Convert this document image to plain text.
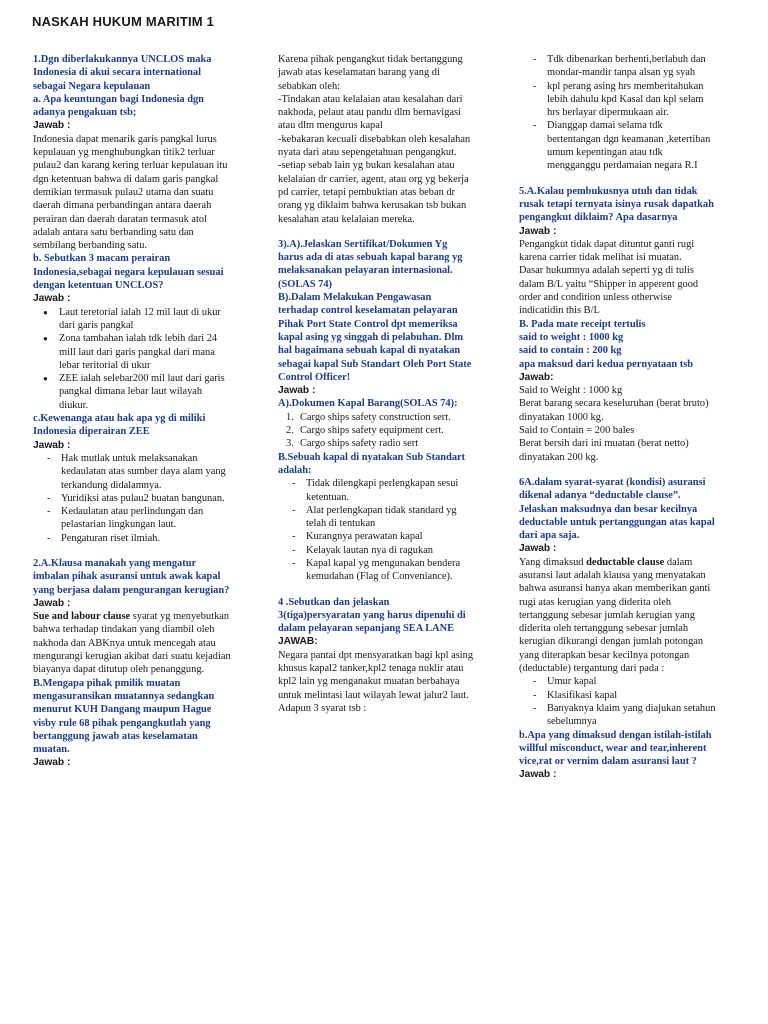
NASKAH HUKUM MARITIM 1
1.Dgn diberlakukannya UNCLOS maka Indonesia di akui secara international sebagai Negara kepulauan
a. Apa keuntungan bagi Indonesia dgn adanya pengakuan tsb;
Jawab :
Indonesia dapat menarik garis pangkal lurus kepulauan yg menghubungkan titik2 terluar pulau2 dan karang kering terluar kepulauan itu dgn ketentuan bahwa di dalam garis pangkal demikian termasuk pulau2 utama dan suatu daerah dimana perbandingan antara daerah perairan dan daerah daratan termasuk atol adalah antara satu berbanding satu dan sembilang berbanding satu.
b. Sebutkan 3 macam perairan Indonesia,sebagai negara kepulauan sesuai dengan ketentuan UNCLOS?
Jawab :
● Laut teretorial ialah 12 mil laut di ukur dari garis pangkal
● Zona tambahan ialah tdk lebih dari 24 mill laut dari garis pangkal dari mana lebar teritorial di ukur
● ZEE ialah selebar200 mil laut dari garis pangkal dimana lebar laut wilayah diukur.
c.Kewenanga atau hak apa yg di miliki Indonesia diperairan ZEE
Jawab :
- Hak mutlak untuk melaksanakan kedaulatan atas sumber daya alam yang terkandung didalamnya.
- Yuridiksi atas pulau2 buatan bangunan.
- Kedaulatan atau perlindungan dan pelastarian lingkungan laut.
- Pengaturan riset ilmiah.
2.A.Klausa manakah yang mengatur imbalan pihak asuransi untuk awak kapal yang berjasa dalam pengurangan kerugian?
Jawab :
Sue and labour clause syarat yg menyebutkan bahwa terhadap tindakan yang diambil oleh nakhoda dan ABKnya untuk mencegah atau mengurangi kerugian akibat dari suatu kejadian biayanya dapat ditutup oleh penanggung.
B.Mengapa pihak pmilik muatan mengasuransikan muatannya sedangkan menurut KUH Dangang maupun Hague visby rule 68 pihak pengangkutlah yang bertanggung jawab atas keselamatan muatan.
Jawab :
Karena pihak pengangkut tidak bertanggung jawab atas keselamatan barang yang di sebabkan oleh:
-Tindakan atau kelalaian atau kesalahan dari nakhoda, pelaut atau pandu dlm bernavigasi atau dlm mengurus kapal
-kebakaran kecuali disebabkan oleh kesalahan nyata dari atau sepengetahuan pengangkut.
-setiap sebab lain yg bukan kesalahan atau kelalaian dr carrier, agent, atau org yg bekerja pd carrier, tetapi pembuktian atas beban dr orang yg diklaim bahwa kerusakan tsb bukan kesalahan atau kelalaian mereka.
3).A).Jelaskan Sertifikat/Dokumen Yg harus ada di atas sebuah kapal barang yg melaksanakan pelayaran internasional.(SOLAS 74)
B).Dalam Melakukan Pengawasan terhadap control keselamatan pelayaran Pihak Port State Control dpt memeriksa kapal asing yg singgah di pelabuhan. Dlm hal bagaimana sebuah kapal di nyatakan sebagai kapal Sub Standart Oleh Port State Control Officer!
Jawab :
A).Dokumen Kapal Barang(SOLAS 74):
1. Cargo ships safety construction sert.
2. Cargo ships safety equipment cert.
3. Cargo ships safety radio sert
B.Sebuah kapal di nyatakan Sub Standart adalah:
- Tidak dilengkapi perlengkapan sesui ketentuan.
- Alat perlengkapan tidak standard yg telah di tentukan
- Kurangnya perawatan kapal
- Kelayak lautan nya di ragukan
- Kapal kapal yg mengunakan bendera kemudahan (Flag of Conveniance).
4 .Sebutkan dan jelaskan 3(tiga)persyaratan yang harus dipenuhi di dalam pelayaran sepanjang SEA LANE
JAWAB:
Negara pantai dpt mensyaratkan bagi kpl asing khusus kapal2 tanker,kpl2 tenaga nuklir atau kpl2 lain yg menganakut muatan berbahaya untuk melintasi laut wilayah lewat jalur2 laut.
Adapun 3 syarat tsb :
- Tdk dibenarkan berhenti,berlabuh dan mondar-mandir tanpa alsan yg syah
- kpl perang asing hrs memberitahukan lebih dahulu kpd Kasal dan kpl selam hrs berlayar dipermukaan air.
- Dianggap damai selama tdk bertentangan dgn keamanan ,ketertiban umum kepentingan atau tdk mengganggu perdamaian negara R.I
5.A.Kalau pembukusnya utuh dan tidak rusak tetapi ternyata isinya rusak dapatkah pengangkut diklaim? Apa dasarnya
Jawab :
Pengangkut tidak dapat dituntut ganti rugi karena carrier tidak melihat isi muatan.
Dasar hukumnya adalah seperti yg di tulis dalam B/L yaitu “Shipper in apperent good order and condition unless otherwise indicatidin this B/L
B. Pada mate receipt tertulis
said to weight : 1000 kg
said to contain : 200 kg
apa maksud dari kedua pernyataan tsb Jawab:
Said to Weight : 1000 kg
Berat barang secara keseluruhan (berat bruto) dinyatakan 1000 kg.
Said to Contain = 200 bales
Berat bersih dari ini muatan (berat netto) dinyatakan 200 kg.
6A.dalam syarat-syarat (kondisi) asuransi dikenal adanya “deductable clause”. Jelaskan maksudnya dan besar kecilnya deductable untuk pertanggungan atas kapal dari apa saja.
Jawab :
Yang dimaksud deductable clause dalam asuransi laut adalah klausa yang menyatakan bahwa asuransi hanya akan memberikan ganti rugi atas kerugian yang diderita oleh tertanggung sebesar jumlah kerugian yang diderita oleh tertanggung sebesar jumlah kerugian dikurangi dengan jumlah potongan yang diterapkan besar kecilnya potongan (deductable) tergantung dari pada :
- Umur kapal
- Klasifikasi kapal
- Banyaknya klaim yang diajukan setahun sebelumnya
b.Apa yang dimaksud dengan istilah-istilah willful misconduct, wear and tear,inherent vice,rat or vernim dalam asuransi laut ?
Jawab :
